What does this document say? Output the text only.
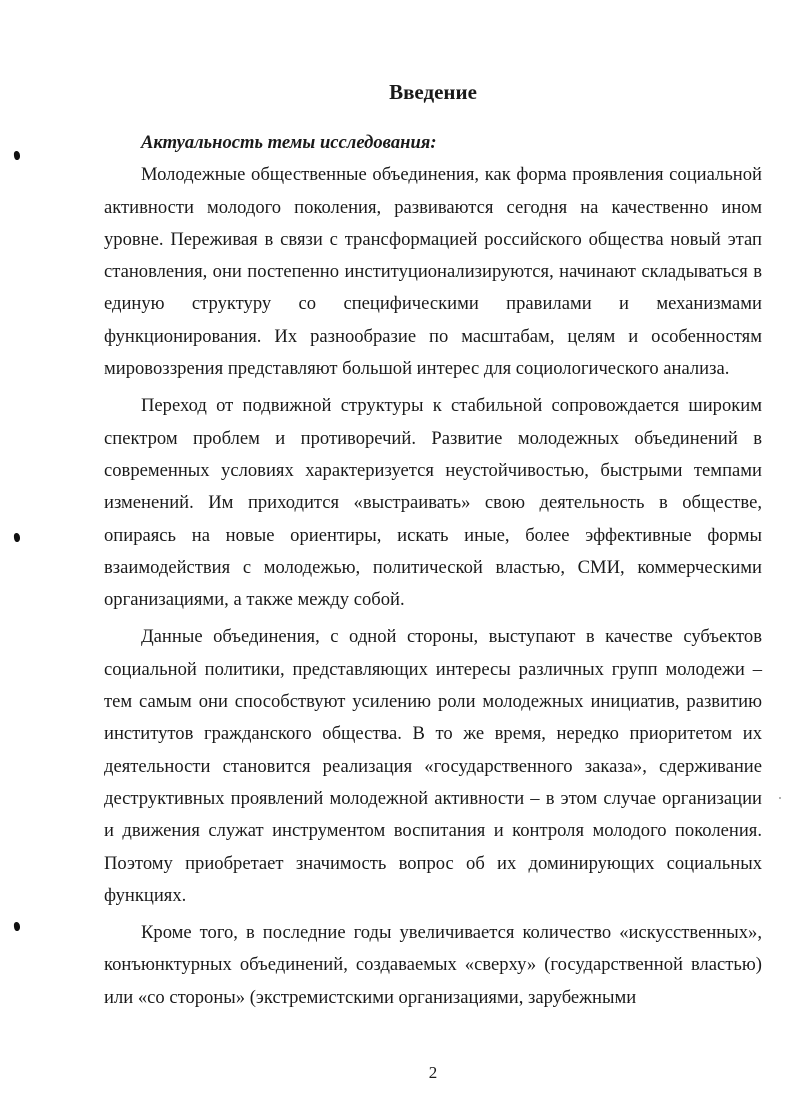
Введение

Актуальность темы исследования:

Молодежные общественные объединения, как форма проявления социальной активности молодого поколения, развиваются сегодня на качественно ином уровне. Переживая в связи с трансформацией российского общества новый этап становления, они постепенно институционализируются, начинают складываться в единую структуру со специфическими правилами и механизмами функционирования. Их разнообразие по масштабам, целям и особенностям мировоззрения представляют большой интерес для социологического анализа.

Переход от подвижной структуры к стабильной сопровождается широким спектром проблем и противоречий. Развитие молодежных объединений в современных условиях характеризуется неустойчивостью, быстрыми темпами изменений. Им приходится «выстраивать» свою деятельность в обществе, опираясь на новые ориентиры, искать иные, более эффективные формы взаимодействия с молодежью, политической властью, СМИ, коммерческими организациями, а также между собой.

Данные объединения, с одной стороны, выступают в качестве субъектов социальной политики, представляющих интересы различных групп молодежи – тем самым они способствуют усилению роли молодежных инициатив, развитию институтов гражданского общества. В то же время, нередко приоритетом их деятельности становится реализация «государственного заказа», сдерживание деструктивных проявлений молодежной активности – в этом случае организации и движения служат инструментом воспитания и контроля молодого поколения. Поэтому приобретает значимость вопрос об их доминирующих социальных функциях.

Кроме того, в последние годы увеличивается количество «искусственных», конъюнктурных объединений, создаваемых «сверху» (государственной властью) или «со стороны» (экстремистскими организациями, зарубежными

2
